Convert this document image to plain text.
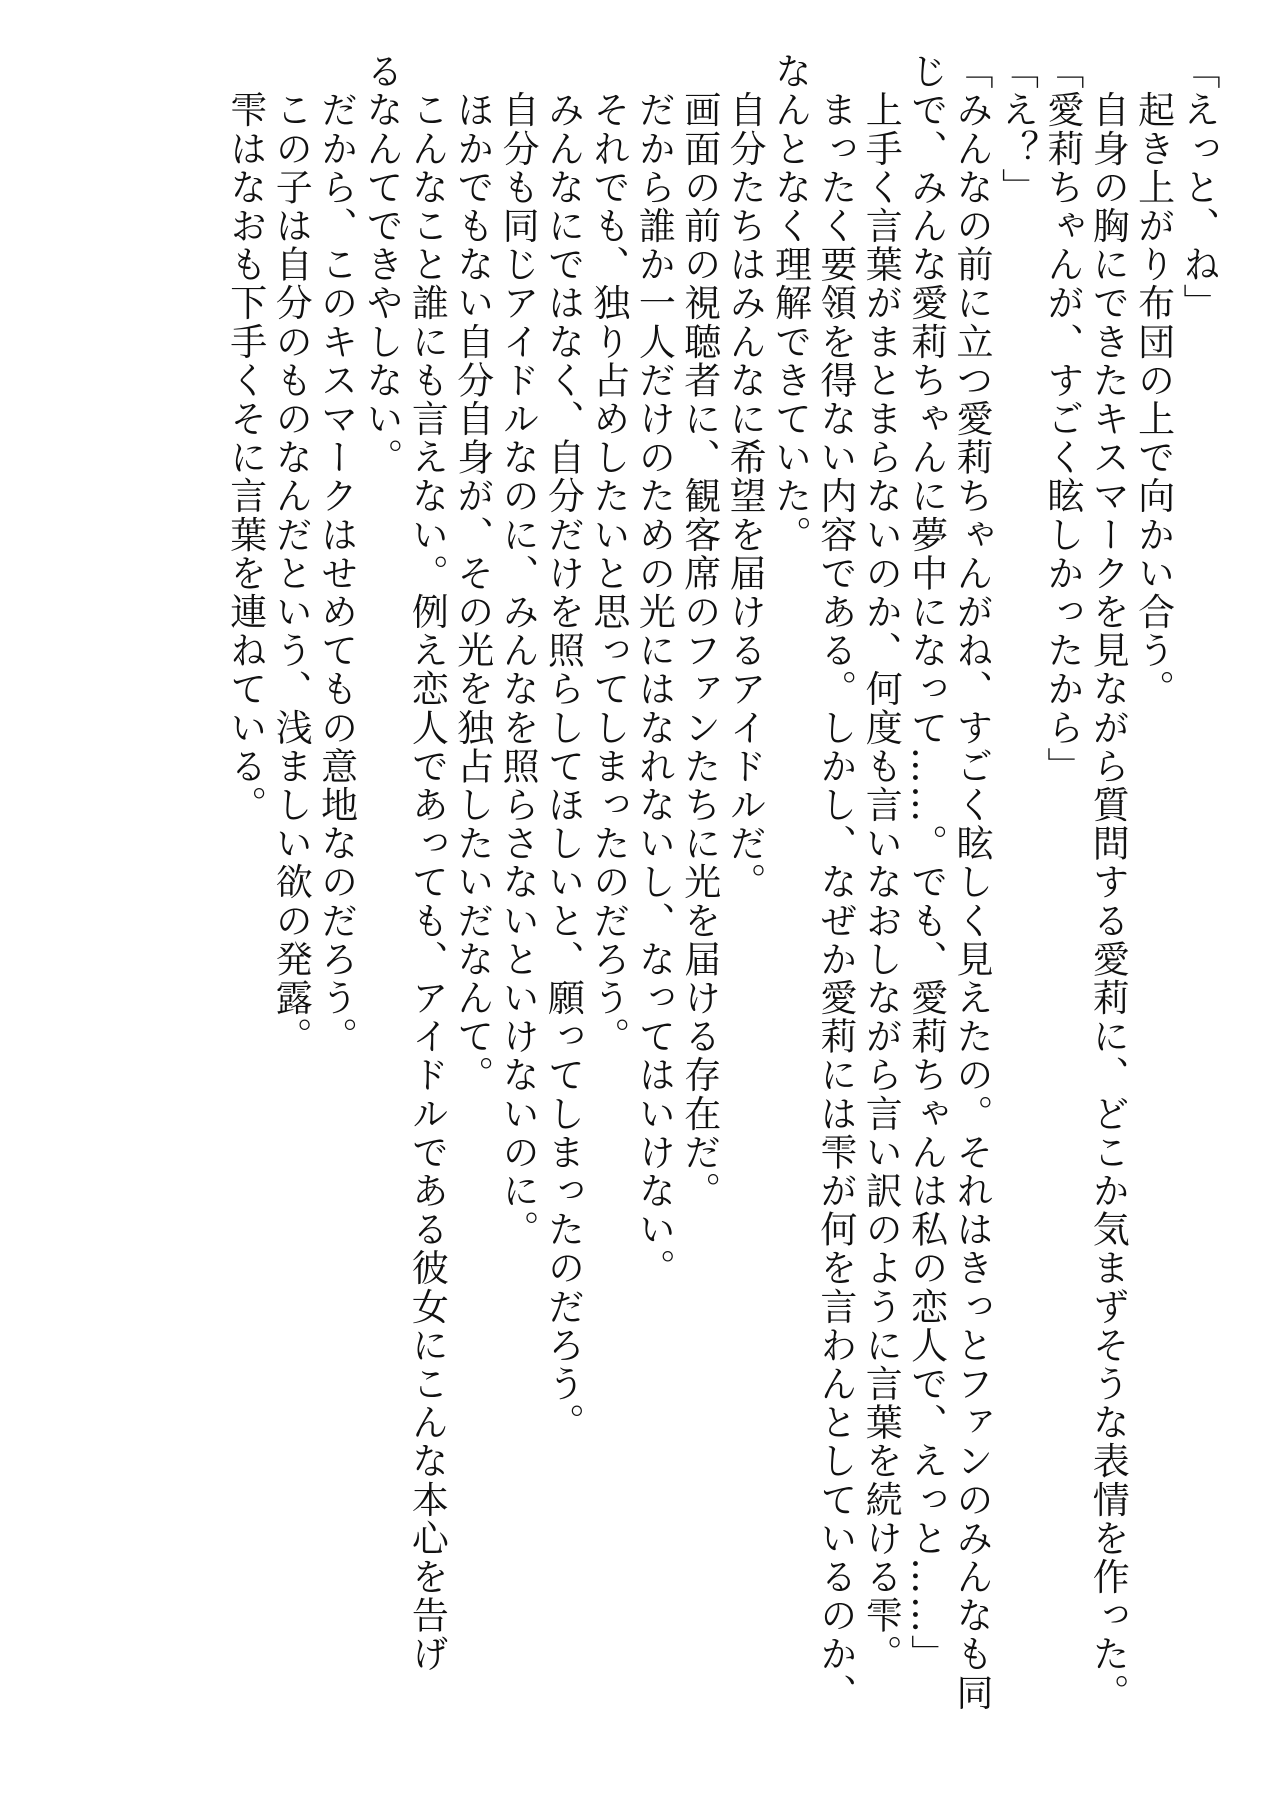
「えっと、ね」

　起き上がり布団の上で向かい合う。

　自身の胸にできたキスマークを見ながら質問する愛莉に、どこか気まずそうな表情を作った。

「愛莉ちゃんが、すごく眩しかったから」

「え？」

「みんなの前に立つ愛莉ちゃんがね、すごく眩しく見えたの。それはきっとファンのみんなも同

じで、みんな愛莉ちゃんに夢中になって……。でも、愛莉ちゃんは私の恋人で、えっと……」

　上手く言葉がまとまらないのか、何度も言いなおしながら言い訳のように言葉を続ける雫。

　まったく要領を得ない内容である。しかし、なぜか愛莉には雫が何を言わんとしているのか、

なんとなく理解できていた。

　自分たちはみんなに希望を届けるアイドルだ。

　画面の前の視聴者に、観客席のファンたちに光を届ける存在だ。

　だから誰か一人だけのための光にはなれないし、なってはいけない。

　それでも、独り占めしたいと思ってしまったのだろう。

　みんなにではなく、自分だけを照らしてほしいと、願ってしまったのだろう。

　自分も同じアイドルなのに、みんなを照らさないといけないのに。

　ほかでもない自分自身が、その光を独占したいだなんて。

　こんなこと誰にも言えない。例え恋人であっても、アイドルである彼女にこんな本心を告げ

るなんてできやしない。

　だから、このキスマークはせめてもの意地なのだろう。

　この子は自分のものなんだという、浅ましい欲の発露。

　雫はなおも下手くそに言葉を連ねている。
